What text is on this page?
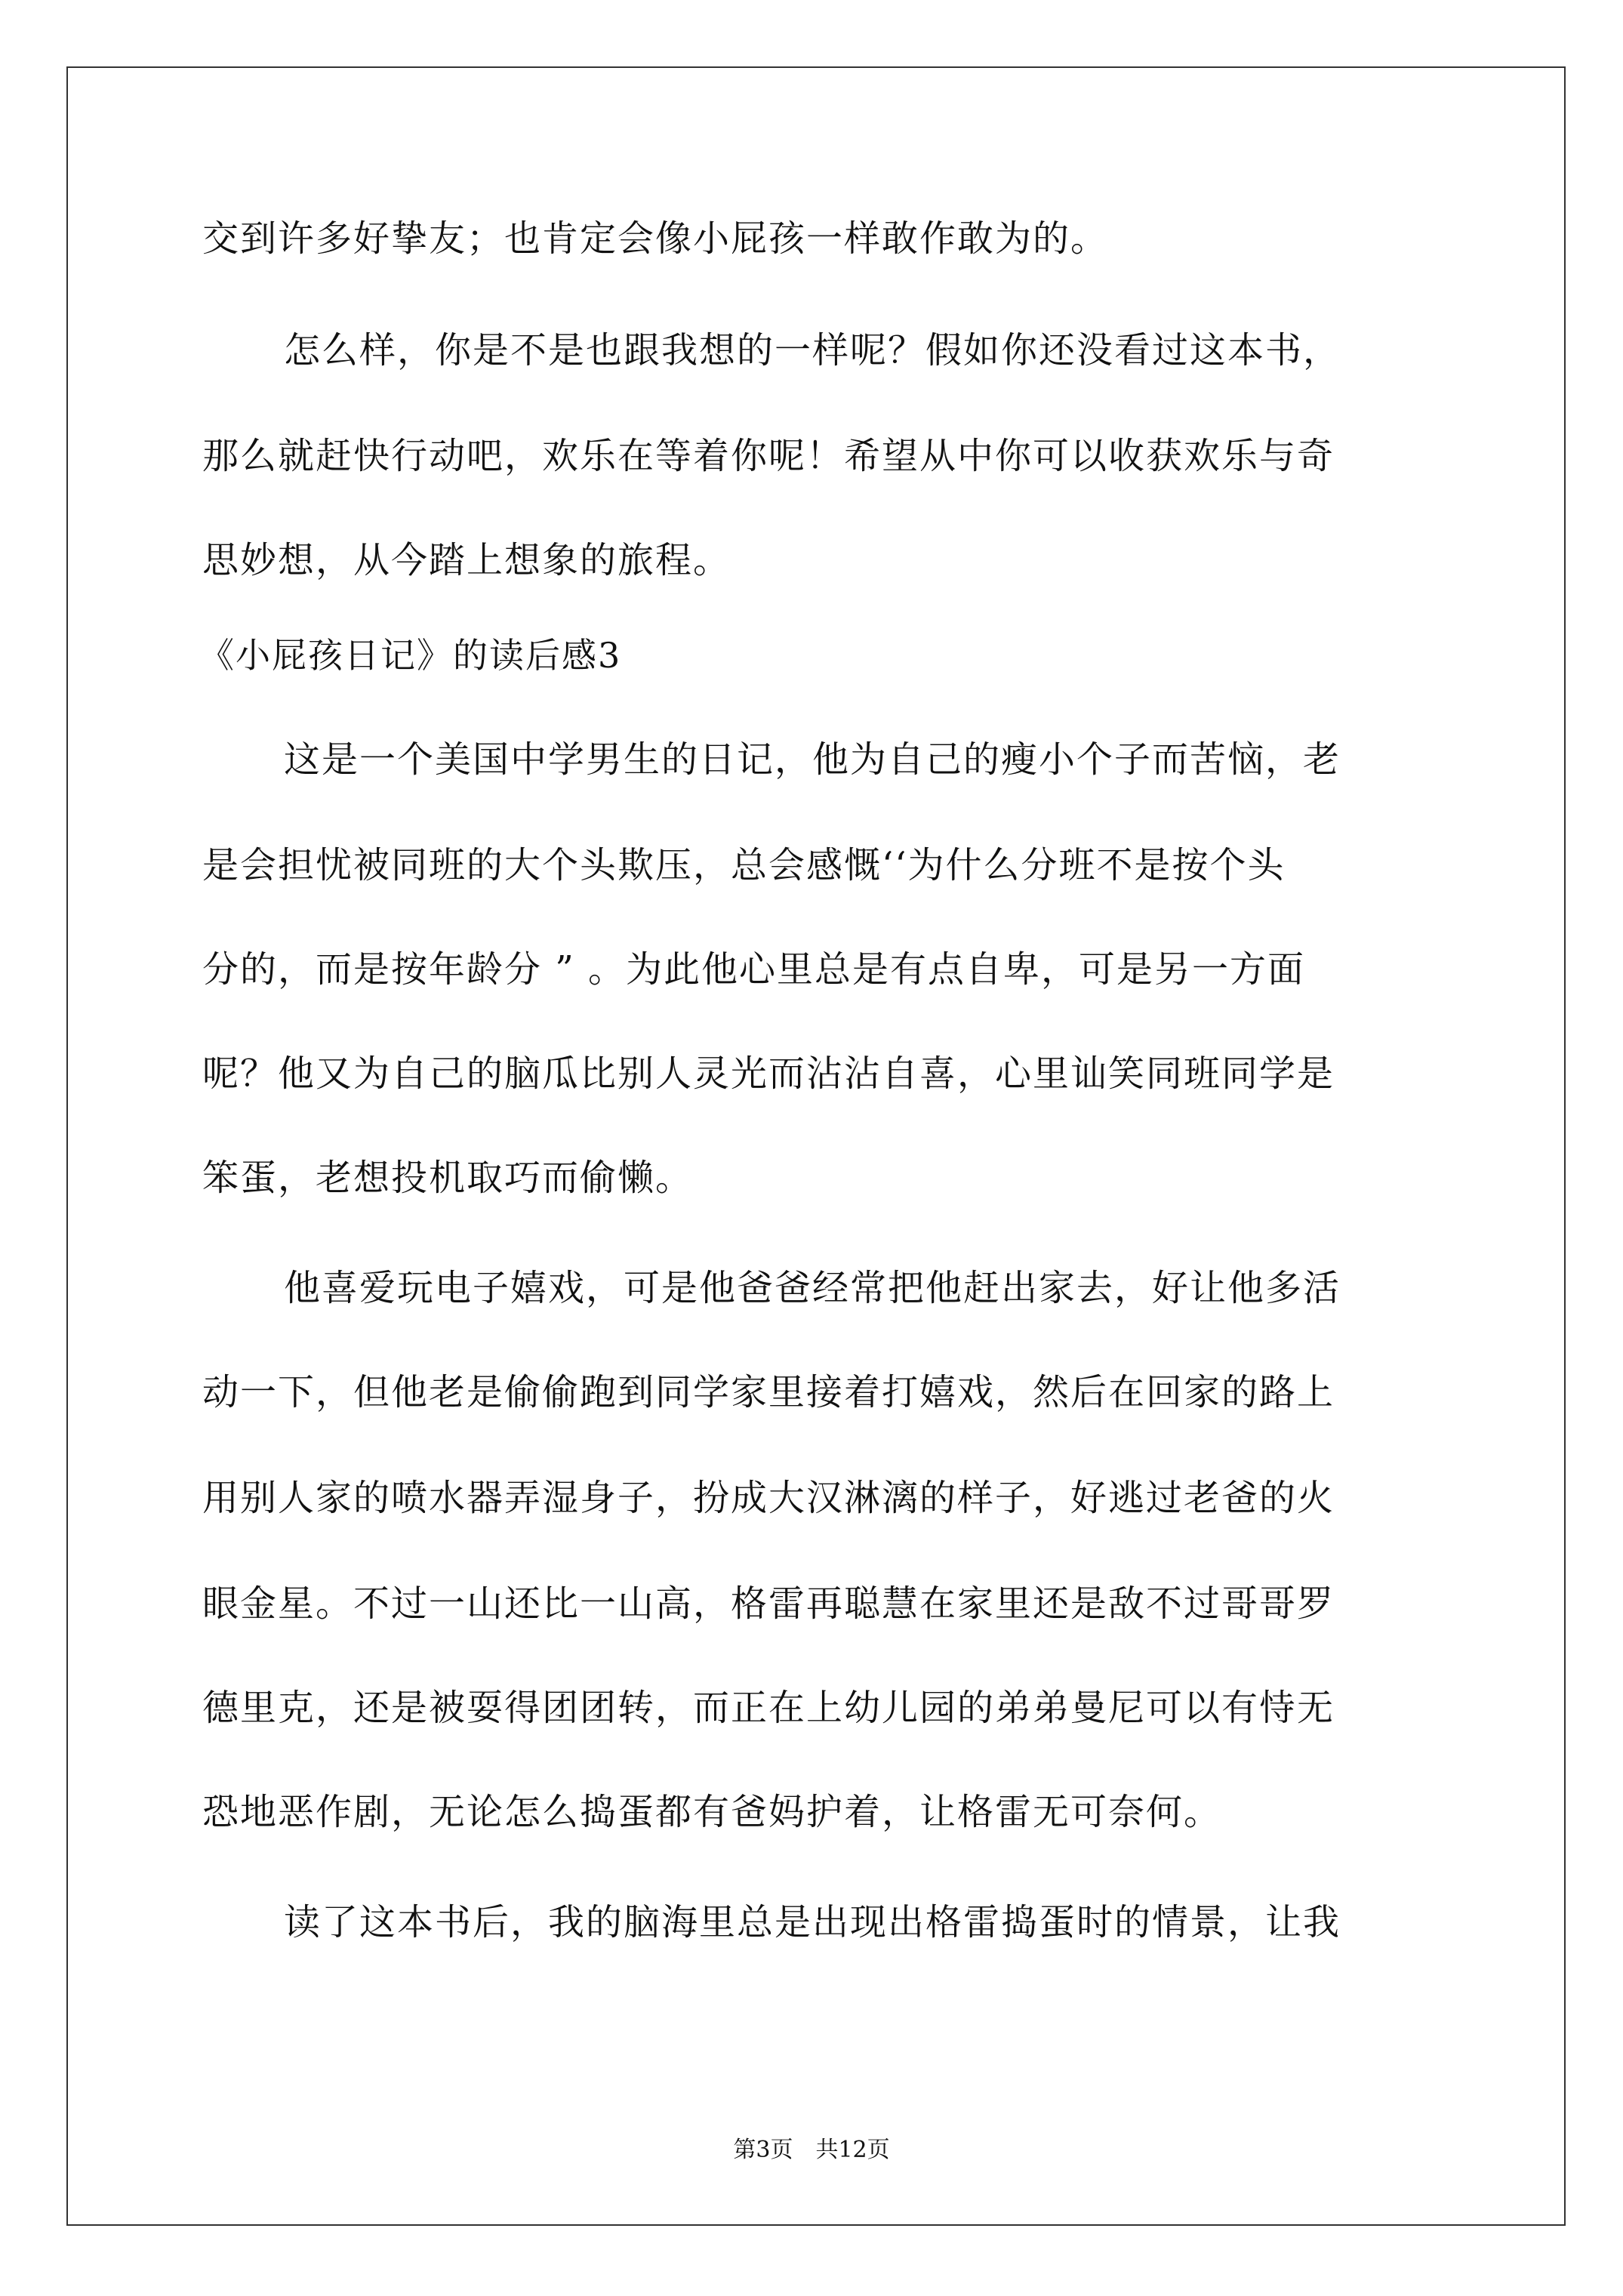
交到许多好挚友；也肯定会像小屁孩一样敢作敢为的。
怎么样，你是不是也跟我想的一样呢？假如你还没看过这本书，
那么就赶快行动吧，欢乐在等着你呢！希望从中你可以收获欢乐与奇
思妙想，从今踏上想象的旅程。
《小屁孩日记》的读后感3
这是一个美国中学男生的日记，他为自己的瘦小个子而苦恼，老
是会担忧被同班的大个头欺压，总会感慨‘‘为什么分班不是按个头
分的，而是按年龄分 ” 。为此他心里总是有点自卑，可是另一方面
呢？他又为自己的脑瓜比别人灵光而沾沾自喜，心里讪笑同班同学是
笨蛋，老想投机取巧而偷懒。
他喜爱玩电子嬉戏，可是他爸爸经常把他赶出家去，好让他多活
动一下，但他老是偷偷跑到同学家里接着打嬉戏，然后在回家的路上
用别人家的喷水器弄湿身子，扮成大汉淋漓的样子，好逃过老爸的火
眼金星。不过一山还比一山高，格雷再聪慧在家里还是敌不过哥哥罗
德里克，还是被耍得团团转，而正在上幼儿园的弟弟曼尼可以有恃无
恐地恶作剧，无论怎么捣蛋都有爸妈护着，让格雷无可奈何。
读了这本书后，我的脑海里总是出现出格雷捣蛋时的情景，让我
第3页　共12页
